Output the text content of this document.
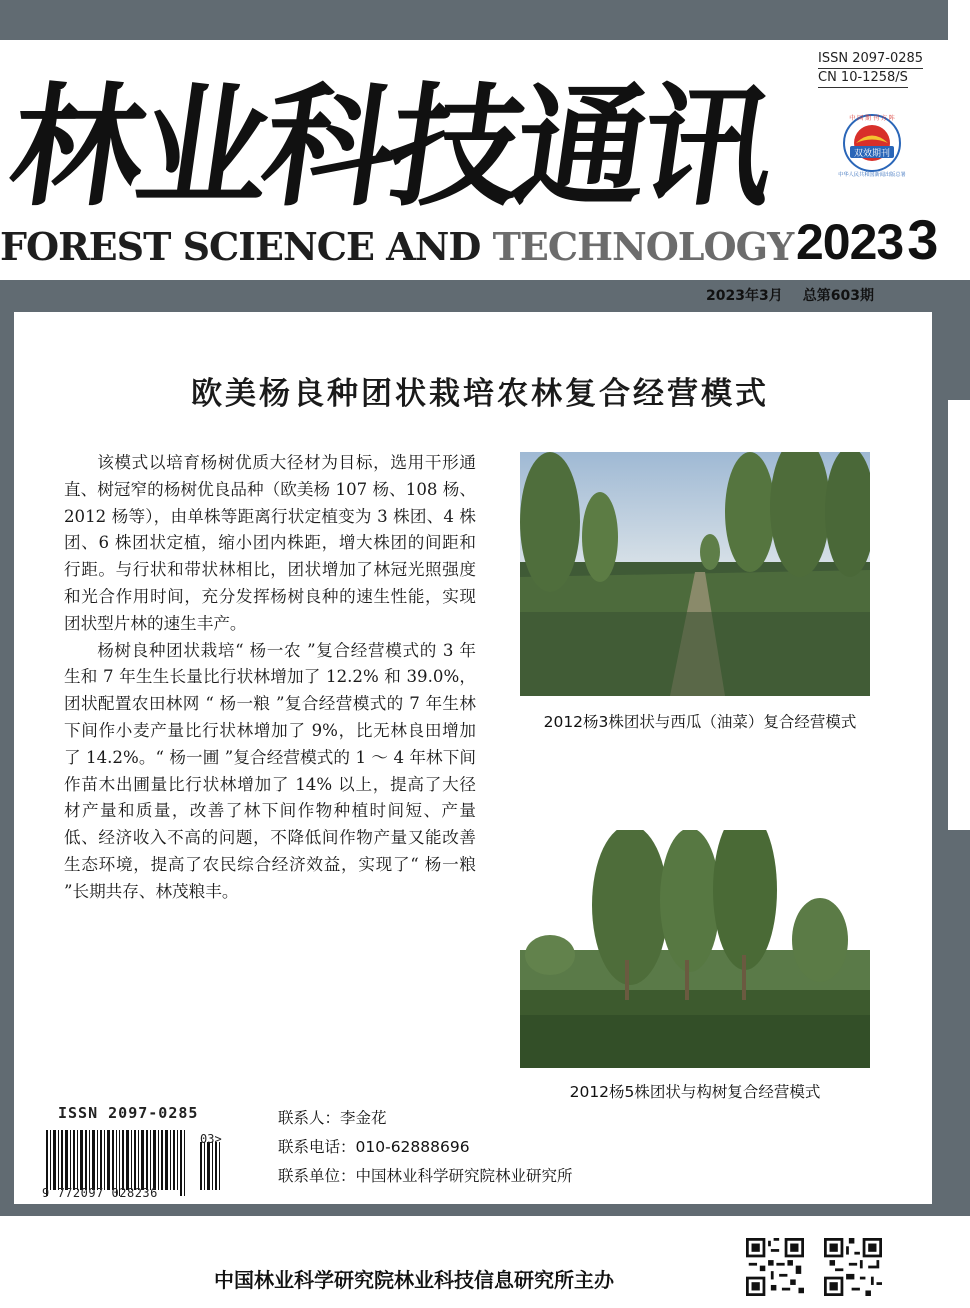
ISSN 2097-0285
CN 10-1258/S
林业科技通讯
FOREST SCIENCE AND TECHNOLOGY
双效期刊
中 国 期 刊 方 阵
中华人民共和国新闻出版总署
20233
2023年3月 总第603期
欧美杨良种团状栽培农林复合经营模式

该模式以培育杨树优质大径材为目标，选用干形通直、树冠窄的杨树优良品种（欧美杨 107 杨、108 杨、2012 杨等），由单株等距离行状定植变为 3 株团、4 株团、6 株团状定植，缩小团内株距，增大株团的间距和行距。与行状和带状林相比，团状增加了林冠光照强度和光合作用时间，充分发挥杨树良种的速生性能，实现团状型片林的速生丰产。

杨树良种团状栽培“ 杨一农 ”复合经营模式的 3 年生和 7 年生生长量比行状林增加了 12.2% 和 39.0%，团状配置农田林网 “ 杨一粮 ”复合经营模式的 7 年生林下间作小麦产量比行状林增加了 9%，比无林良田增加了 14.2%。“ 杨一圃 ”复合经营模式的 1 ～ 4 年林下间作苗木出圃量比行状林增加了 14% 以上，提高了大径材产量和质量，改善了林下间作物种植时间短、产量低、经济收入不高的问题，不降低间作物产量又能改善生态环境，提高了农民综合经济效益，实现了“ 杨一粮 ”长期共存、林茂粮丰。

2012杨3株团状与西瓜（油菜）复合经营模式
2012杨5株团状与构树复合经营模式
ISSN 2097-0285
9 772097 028236
03>
联系人：李金花
联系电话：010-62888696
联系单位：中国林业科学研究院林业研究所
中国林业科学研究院林业科技信息研究所主办
